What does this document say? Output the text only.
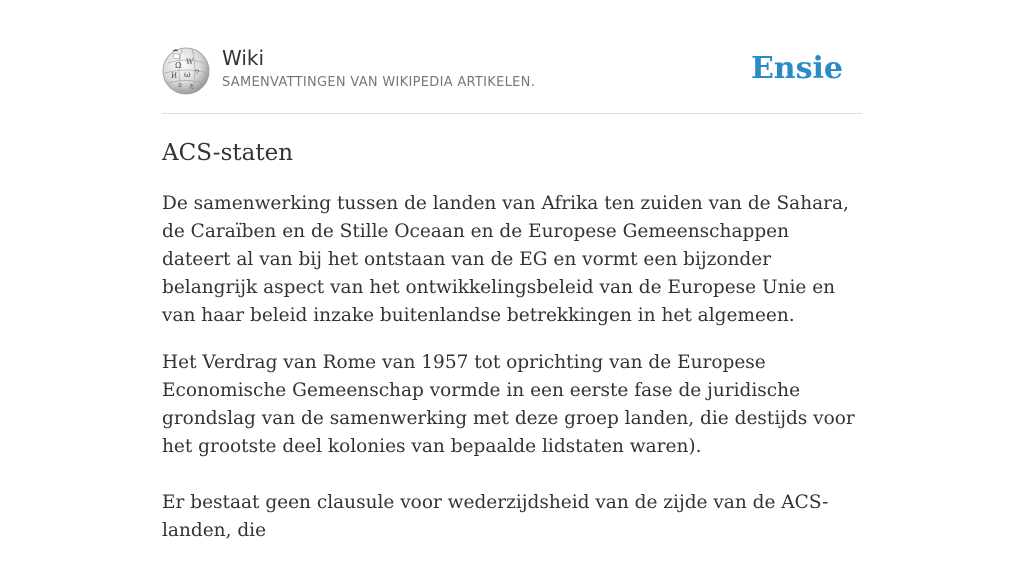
Ω W
И ω ウ
ש ع
Wiki
SAMENVATTINGEN VAN WIKIPEDIA ARTIKELEN.	Ensie
ACS-staten

De samenwerking tussen de landen van Afrika ten zuiden van de Sahara, de Caraïben en de Stille Oceaan en de Europese Gemeenschappen dateert al van bij het ontstaan van de EG en vormt een bijzonder belangrijk aspect van het ontwikkelingsbeleid van de Europese Unie en van haar beleid inzake buitenlandse betrekkingen in het algemeen.

Het Verdrag van Rome van 1957 tot oprichting van de Europese Economische Gemeenschap vormde in een eerste fase de juridische grondslag van de samenwerking met deze groep landen, die destijds voor het grootste deel kolonies van bepaalde lidstaten waren).

Er bestaat geen clausule voor wederzijdsheid van de zijde van de ACS-landen, die
